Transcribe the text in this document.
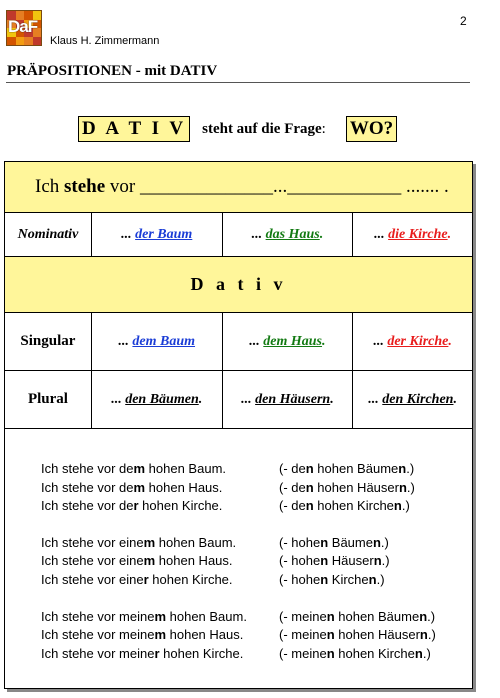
DaF
Klaus H. Zimmermann
2
PRÄPOSITIONEN - mit DATIV
D A T I V steht auf die Frage: WO?
Ich stehe vor ______________...____________ ....... .			
Nominativ	... der Baum	... das Haus.	... die Kirche.
D a t i v			
Singular	... dem Baum	... dem Haus.	... der Kirche.
Plural	... den Bäumen.	... den Häusern.	... den Kirchen.
Ich stehe vor dem hohen Baum.	(- den hohen Bäumen.)
Ich stehe vor dem hohen Haus.	(- den hohen Häusern.)
Ich stehe vor der hohen Kirche.	(- den hohen Kirchen.)
Ich stehe vor einem hohen Baum.	(- hohen Bäumen.)
Ich stehe vor einem hohen Haus.	(- hohen Häusern.)
Ich stehe vor einer hohen Kirche.	(- hohen Kirchen.)
Ich stehe vor meinem hohen Baum.	(- meinen hohen Bäumen.)
Ich stehe vor meinem hohen Haus.	(- meinen hohen Häusern.)
Ich stehe vor meiner hohen Kirche.	(- meinen hohen Kirchen.)
